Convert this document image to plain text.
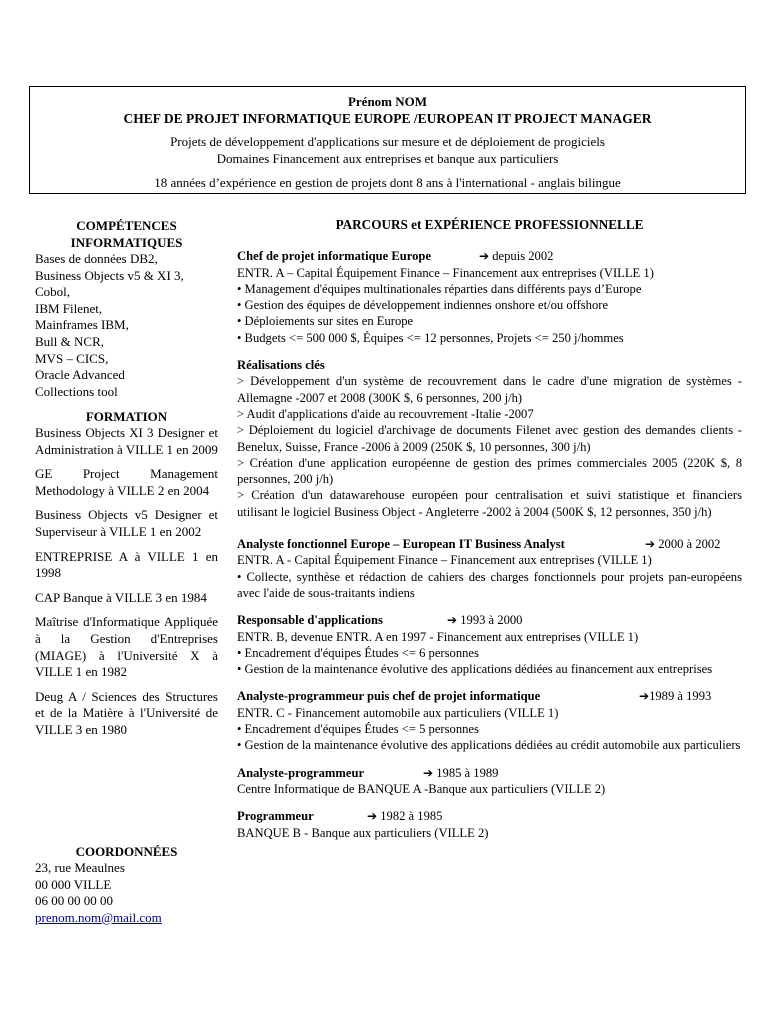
Prénom NOM
CHEF DE PROJET INFORMATIQUE EUROPE /EUROPEAN IT PROJECT MANAGER
Projets de développement d'applications sur mesure et de déploiement de progiciels
Domaines Financement aux entreprises et banque aux particuliers
18 années d’expérience en gestion de projets dont 8 ans à l'international - anglais bilingue
COMPÉTENCES INFORMATIQUES
Bases de données DB2,
Business Objects v5 & XI 3,
Cobol,
IBM Filenet,
Mainframes IBM,
Bull & NCR,
MVS – CICS,
Oracle Advanced Collections tool
FORMATION
Business Objects XI 3 Designer et Administration à VILLE 1 en 2009
GE Project Management Methodology à VILLE 2 en 2004
Business Objects v5 Designer et Superviseur à VILLE 1 en 2002
ENTREPRISE A à VILLE 1 en 1998
CAP Banque à VILLE 3 en 1984
Maîtrise d'Informatique Appliquée à la Gestion d'Entreprises (MIAGE) à l'Université X à VILLE 1 en 1982
Deug A / Sciences des Structures et de la Matière à l'Université de VILLE 3 en 1980
COORDONNÉES
23, rue Meaulnes
00 000 VILLE
06 00 00 00 00
prenom.nom@mail.com
PARCOURS et EXPÉRIENCE PROFESSIONNELLE
Chef de projet informatique Europe	➔ depuis 2002
ENTR. A – Capital Équipement Finance – Financement aux entreprises (VILLE 1)
• Management d'équipes multinationales réparties dans différents pays d’Europe
• Gestion des équipes de développement indiennes onshore et/ou offshore
• Déploiements sur sites en Europe
• Budgets <= 500 000 $, Équipes <= 12 personnes, Projets <= 250 j/hommes
Réalisations clés
> Développement d'un système de recouvrement dans le cadre d'une migration de systèmes -Allemagne -2007 et 2008 (300K $, 6 personnes, 200 j/h)
> Audit d'applications d'aide au recouvrement -Italie -2007
> Déploiement du logiciel d'archivage de documents Filenet avec gestion des demandes clients -Benelux, Suisse, France -2006 à 2009 (250K $, 10 personnes, 300 j/h)
> Création d'une application européenne de gestion des primes commerciales 2005 (220K $, 8 personnes, 200 j/h)
> Création d'un datawarehouse européen pour centralisation et suivi statistique et financiers utilisant le logiciel Business Object - Angleterre -2002 à 2004 (500K $, 12 personnes, 350 j/h)
Analyste fonctionnel Europe – European IT Business Analyst	➔ 2000 à 2002
ENTR. A - Capital Équipement Finance – Financement aux entreprises (VILLE 1)
• Collecte, synthèse et rédaction de cahiers des charges fonctionnels pour projets pan-européens avec l'aide de sous-traitants indiens
Responsable d'applications	➔ 1993 à 2000
ENTR. B, devenue ENTR. A en 1997 - Financement aux entreprises (VILLE 1)
• Encadrement d'équipes Études <= 6 personnes
• Gestion de la maintenance évolutive des applications dédiées au financement aux entreprises
Analyste-programmeur puis chef de projet informatique	➔1989 à 1993
ENTR. C - Financement automobile aux particuliers (VILLE 1)
• Encadrement d'équipes Études <= 5 personnes
• Gestion de la maintenance évolutive des applications dédiées au crédit automobile aux particuliers
Analyste-programmeur	➔ 1985 à 1989
Centre Informatique de BANQUE A -Banque aux particuliers (VILLE 2)
Programmeur	➔ 1982 à 1985
BANQUE B - Banque aux particuliers (VILLE 2)
